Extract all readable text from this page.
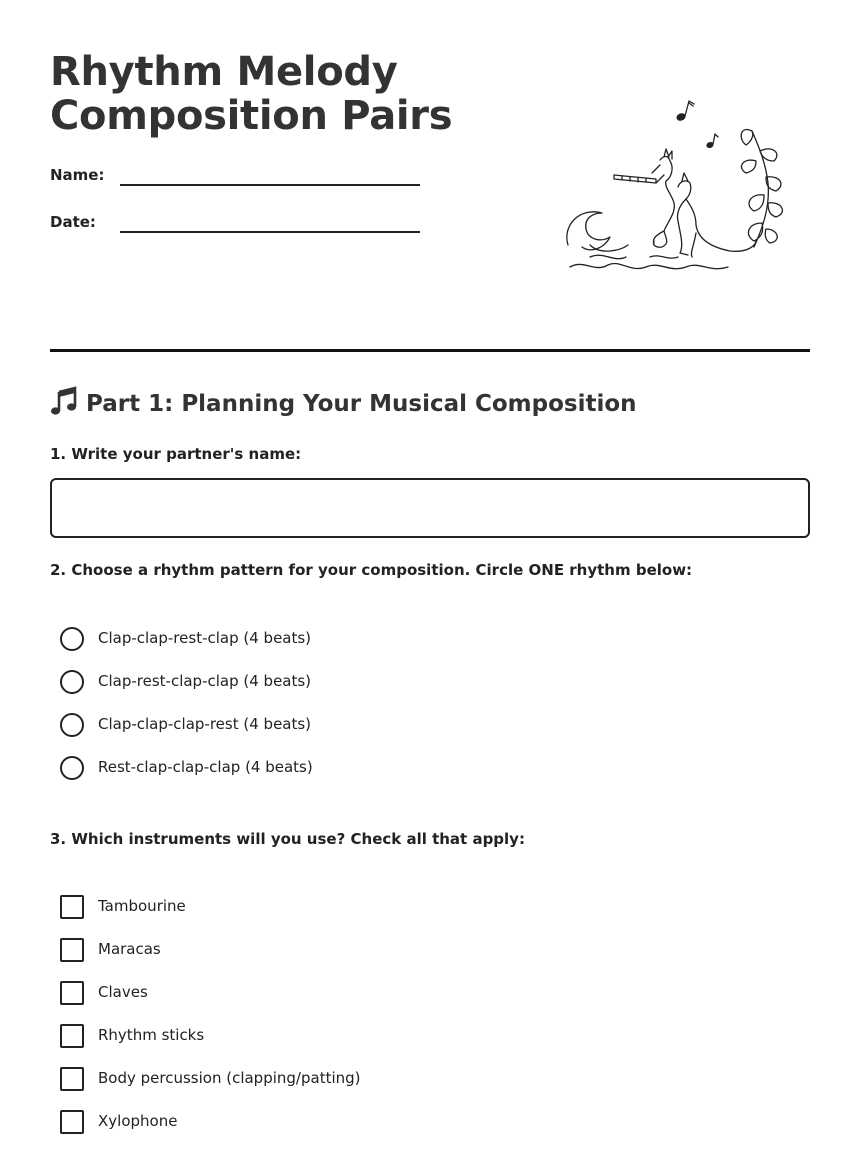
Rhythm Melody
Composition Pairs
Name:
Date:
Part 1: Planning Your Musical Composition

1. Write your partner's name:

2. Choose a rhythm pattern for your composition. Circle ONE rhythm below:

Clap-clap-rest-clap (4 beats)
Clap-rest-clap-clap (4 beats)
Clap-clap-clap-rest (4 beats)
Rest-clap-clap-clap (4 beats)

3. Which instruments will you use? Check all that apply:

Tambourine
Maracas
Claves
Rhythm sticks
Body percussion (clapping/patting)
Xylophone
